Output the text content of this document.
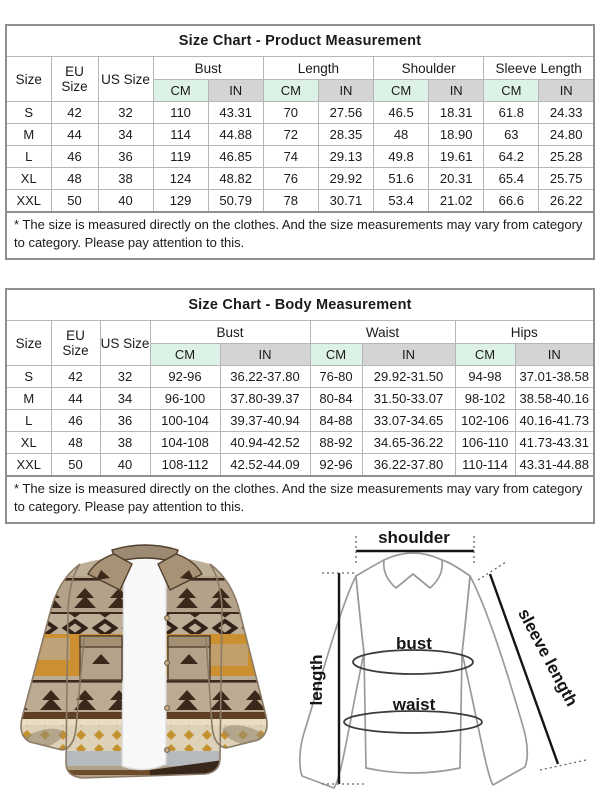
Size Chart - Product Measurement										
Size	EU Size	US Size	Bust		Length		Shoulder		Sleeve Length	
			CM	IN	CM	IN	CM	IN	CM	IN
S	42	32	110	43.31	70	27.56	46.5	18.31	61.8	24.33
M	44	34	114	44.88	72	28.35	48	18.90	63	24.80
L	46	36	119	46.85	74	29.13	49.8	19.61	64.2	25.28
XL	48	38	124	48.82	76	29.92	51.6	20.31	65.4	25.75
XXL	50	40	129	50.79	78	30.71	53.4	21.02	66.6	26.22
* The size is measured directly on the clothes. And the size measurements may vary from category to category. Please pay attention to this.
Size Chart - Body Measurement								
Size	EU Size	US Size	Bust		Waist		Hips	
			CM	IN	CM	IN	CM	IN
S	42	32	92-96	36.22-37.80	76-80	29.92-31.50	94-98	37.01-38.58
M	44	34	96-100	37.80-39.37	80-84	31.50-33.07	98-102	38.58-40.16
L	46	36	100-104	39.37-40.94	84-88	33.07-34.65	102-106	40.16-41.73
XL	48	38	104-108	40.94-42.52	88-92	34.65-36.22	106-110	41.73-43.31
XXL	50	40	108-112	42.52-44.09	92-96	36.22-37.80	110-114	43.31-44.88
* The size is measured directly on the clothes. And the size measurements may vary from category to category. Please pay attention to this.
shoulder
length	sleeve length
bust
waist
